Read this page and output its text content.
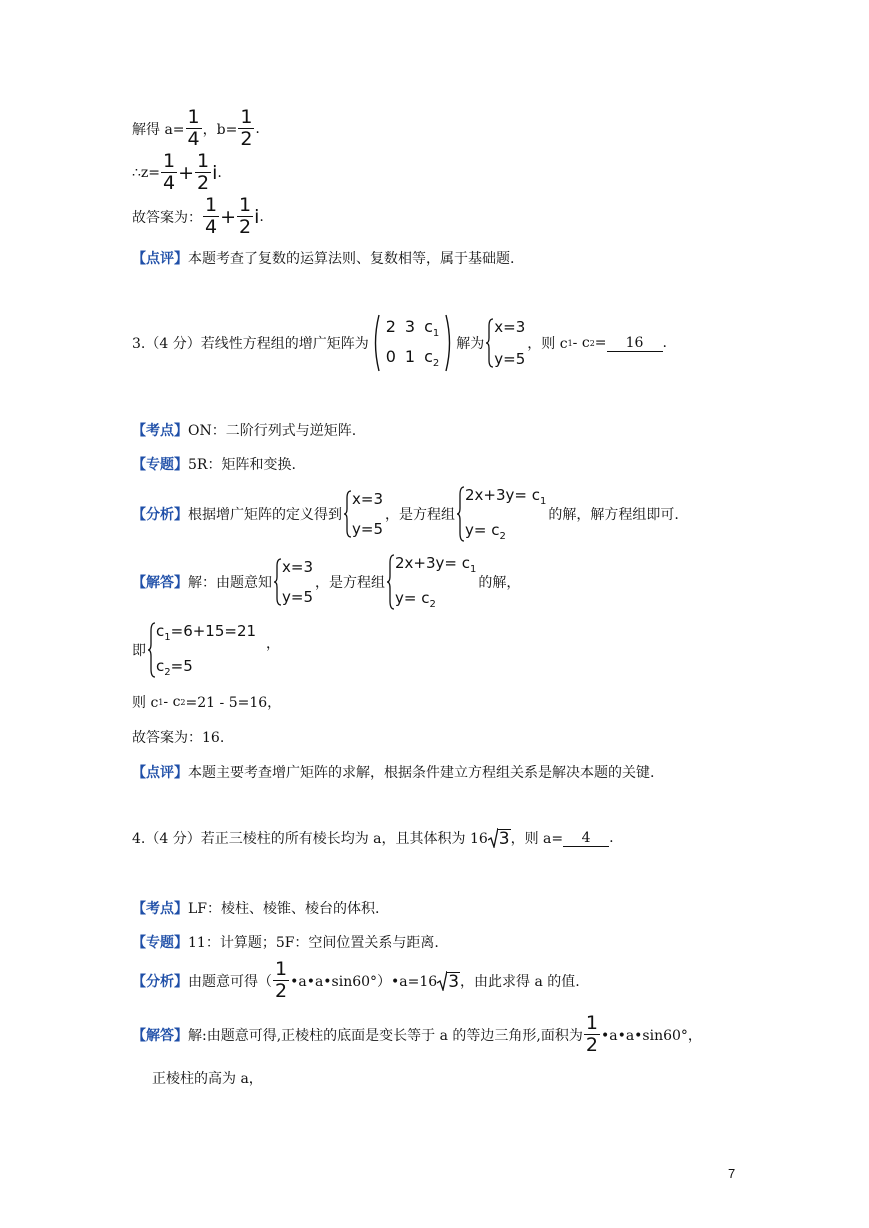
解得 $a= \frac{1}{4}$ ，$b= \frac{1}{2}$ .
∴z= $\frac{1}{4} + \frac{1}{2}$ i .
故答案为： $\frac{1}{4} + \frac{1}{2}$ i .
【点评】 本题考查了复数的运算法则、复数相等，属于基础题.
3.（4 分）若线性方程组的增广矩阵为
2 3 $c_1$
0 1 $c_2$
解为
x=3
y=5
，则 c 1 - c 2 =	16	.
【考点】 ON：二阶行列式与逆矩阵.
【专题】 5R：矩阵和变换.
【分析】 根据增广矩阵的定义得到
x=3
y=5
，是方程组
$2x+3y= c_1$
$y= c_2$
的解，解方程组即可.
【解答】 解：由题意知
x=3
y=5
，是方程组
$2x+3y= c_1$
$y= c_2$
的解，
即
$c_1=6+15=21$
$c_2=5$
，
则 c 1 - c 2 =21 - 5=16，
故答案为：16.
【点评】 本题主要考查增广矩阵的求解，根据条件建立方程组关系是解决本题的关键.
4.（4 分）若正三棱柱的所有棱长均为 a，且其体积为 16 3 ，则 a=	4	.
【考点】 LF：棱柱、棱锥、棱台的体积.
【专题】 11：计算题；5F：空间位置关系与距离.
【分析】 由题意可得（ $\frac{1}{2}$ •a•a•sin60°）•a=16 3 ，由此求得 a 的值.
【解答】 解:由题意可得,正棱柱的底面是变长等于 a 的等边三角形,面积为 $\frac{1}{2}$ •a•a•sin60°，
正棱柱的高为 a，
7
